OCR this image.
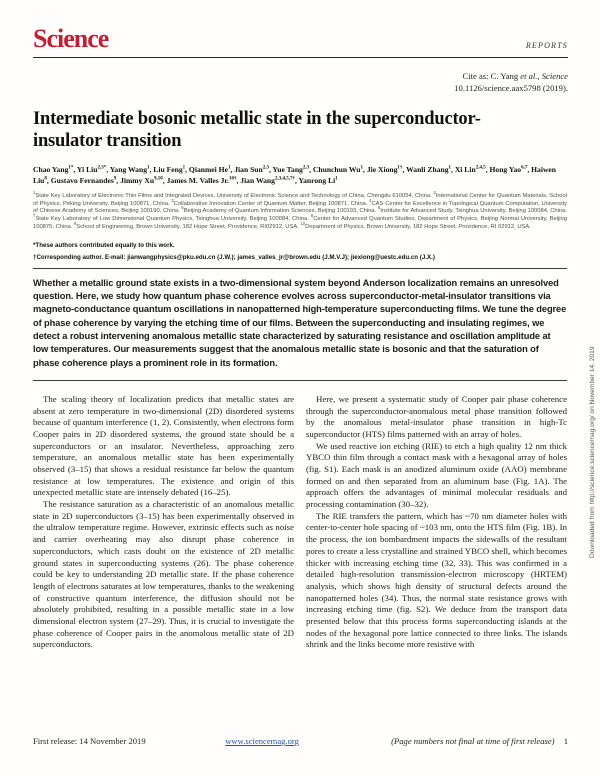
Science	REPORTS
Cite as: C. Yang et al., Science
10.1126/science.aax5798 (2019).
Intermediate bosonic metallic state in the superconductor-
insulator transition
Chao Yang$^{1*}$, Yi Liu$^{2,3*}$, Yang Wang$^1$, Liu Feng$^1$, Qianmei He$^1$, Jian Sun$^{2,3}$, Yue Tang$^{2,3}$, Chunchun Wu$^1$, Jie Xiong$^{1\dagger}$, Wanli Zhang$^1$, Xi Lin$^{2,4,5}$, Hong Yao$^{6,7}$, Haiwen Liu$^8$, Gustavo Fernandes$^9$, Jimmy Xu$^{9,10}$, James M. Valles Jr.$^{10\dagger}$, Jian Wang$^{2,3,4,5,7\dagger}$, Yanrong Li$^1$
$^1$State Key Laboratory of Electronic Thin Films and Integrated Devices, University of Electronic Science and Technology of China, Chengdu 610054, China. $^2$International Center for Quantum Materials, School of Physics, Peking University, Beijing 100871, China. $^3$Collaborative Innovation Center of Quantum Matter, Beijing 100871, China. $^4$CAS Center for Excellence in Topological Quantum Computation, University of Chinese Academy of Sciences, Beijing 100190, China. $^5$Beijing Academy of Quantum Information Sciences, Beijing 100193, China. $^6$Institute for Advanced Study, Tsinghua University, Beijing 100084, China. $^7$State Key Laboratory of Low Dimensional Quantum Physics, Tsinghua University, Beijing 100084, China. $^8$Center for Advanced Quantum Studies, Department of Physics, Beijing Normal University, Beijing 100875, China. $^9$School of Engineering, Brown University, 182 Hope Street, Providence, RI02912, USA. $^{10}$Department of Physics, Brown University, 182 Hope Street, Providence, RI 02912, USA.

*These authors contributed equally to this work.

†Corresponding author. E-mail: jianwangphysics@pku.edu.cn (J.W.); james_valles_jr@brown.edu (J.M.V.J); jiexiong@uestc.edu.cn (J.X.)

Whether a metallic ground state exists in a two-dimensional system beyond Anderson localization remains an unresolved question. Here, we study how quantum phase coherence evolves across superconductor-metal-insulator transitions via magneto-conductance quantum oscillations in nanopatterned high-temperature superconducting films. We tune the degree of phase coherence by varying the etching time of our films. Between the superconducting and insulating regimes, we detect a robust intervening anomalous metallic state characterized by saturating resistance and oscillation amplitude at low temperatures. Our measurements suggest that the anomalous metallic state is bosonic and that the saturation of phase coherence plays a prominent role in its formation.

The scaling theory of localization predicts that metallic states are absent at zero temperature in two-dimensional (2D) disordered systems because of quantum interference (1, 2). Consistently, when electrons form Cooper pairs in 2D disordered systems, the ground state should be a superconductors or an insulator. Nevertheless, approaching zero temperature, an anomalous metallic state has been experimentally observed (3–15) that shows a residual resistance far below the quantum resistance at low temperatures. The existence and origin of this unexpected metallic state are intensely debated (16–25).

The resistance saturation as a characteristic of an anomalous metallic state in 2D superconductors (3–15) has been experimentally observed in the ultralow temperature regime. However, extrinsic effects such as noise and carrier overheating may also disrupt phase coherence in superconductors, which casts doubt on the existence of 2D metallic ground states in superconducting systems (26). The phase coherence could be key to understanding 2D metallic state. If the phase coherence length of electrons saturates at low temperatures, thanks to the weakening of constructive quantum interference, the diffusion should not be absolutely prohibited, resulting in a possible metallic state in a low dimensional electron system (27–29). Thus, it is crucial to investigate the phase coherence of Cooper pairs in the anomalous metallic state of 2D superconductors.

Here, we present a systematic study of Cooper pair phase coherence through the superconductor-anomalous metal phase transition followed by the anomalous metal-insulator phase transition in high-Tc superconductor (HTS) films patterned with an array of holes.

We used reactive ion etching (RIE) to etch a high quality 12 nm thick YBCO thin film through a contact mask with a hexagonal array of holes (fig. S1). Each mask is an anodized aluminum oxide (AAO) membrane formed on and then separated from an aluminum base (Fig. 1A). The approach offers the advantages of minimal molecular residuals and processing contamination (30–32).

The RIE transfers the pattern, which has ~70 nm diameter holes with center-to-center hole spacing of ~103 nm, onto the HTS film (Fig. 1B). In the process, the ion bombardment impacts the sidewalls of the resultant pores to create a less crystalline and strained YBCO shell, which becomes thicker with increasing etching time (32, 33). This was confirmed in a detailed high-resolution transmission-electron microscopy (HRTEM) analysis, which shows high density of structural defects around the nanopatterned holes (34). Thus, the normal state resistance grows with increasing etching time (fig. S2). We deduce from the transport data presented below that this process forms superconducting islands at the nodes of the hexagonal pore lattice connected to three links. The islands shrink and the links become more resistive with

First release: 14 November 2019	www.sciencemag.org	(Page numbers not final at time of first release) 1
Downloaded from http://science.sciencemag.org/ on November 14, 2019
